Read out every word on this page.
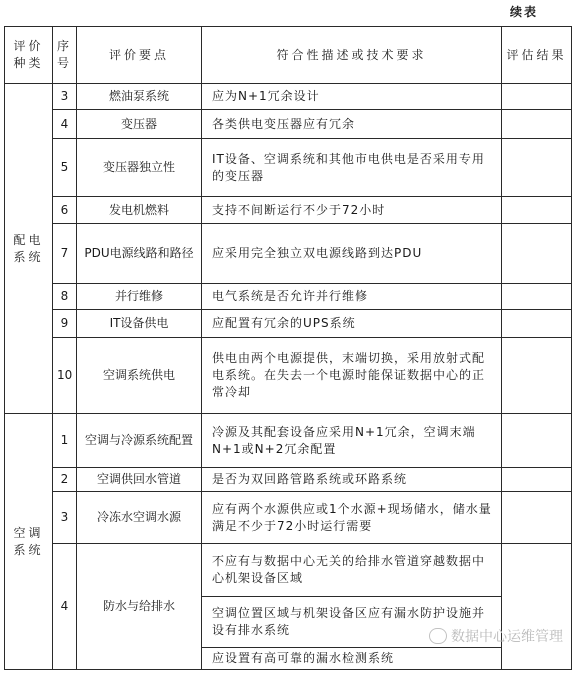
续表
评价种类	序号	评价要点	符合性描述或技术要求	评估结果
配电系统	3	燃油泵系统	应为N+1冗余设计	
	4	变压器	各类供电变压器应有冗余	
	5	变压器独立性	IT设备、空调系统和其他市电供电是否采用专用的变压器	
	6	发电机燃料	支持不间断运行不少于72小时	
	7	PDU电源线路和路径	应采用完全独立双电源线路到达PDU	
	8	并行维修	电气系统是否允许并行维修	
	9	IT设备供电	应配置有冗余的UPS系统	
	10	空调系统供电	供电由两个电源提供，末端切换，采用放射式配电系统。在失去一个电源时能保证数据中心的正常冷却	
空调系统	1	空调与冷源系统配置	冷源及其配套设备应采用N+1冗余，空调末端N+1或N+2冗余配置	
	2	空调供回水管道	是否为双回路管路系统或环路系统	
	3	冷冻水空调水源	应有两个水源供应或1个水源+现场储水，储水量满足不少于72小时运行需要	
	4	防水与给排水	不应有与数据中心无关的给排水管道穿越数据中心机架设备区域	
			空调位置区域与机架设备区应有漏水防护设施并设有排水系统	
			应设置有高可靠的漏水检测系统	
数据中心运维管理
